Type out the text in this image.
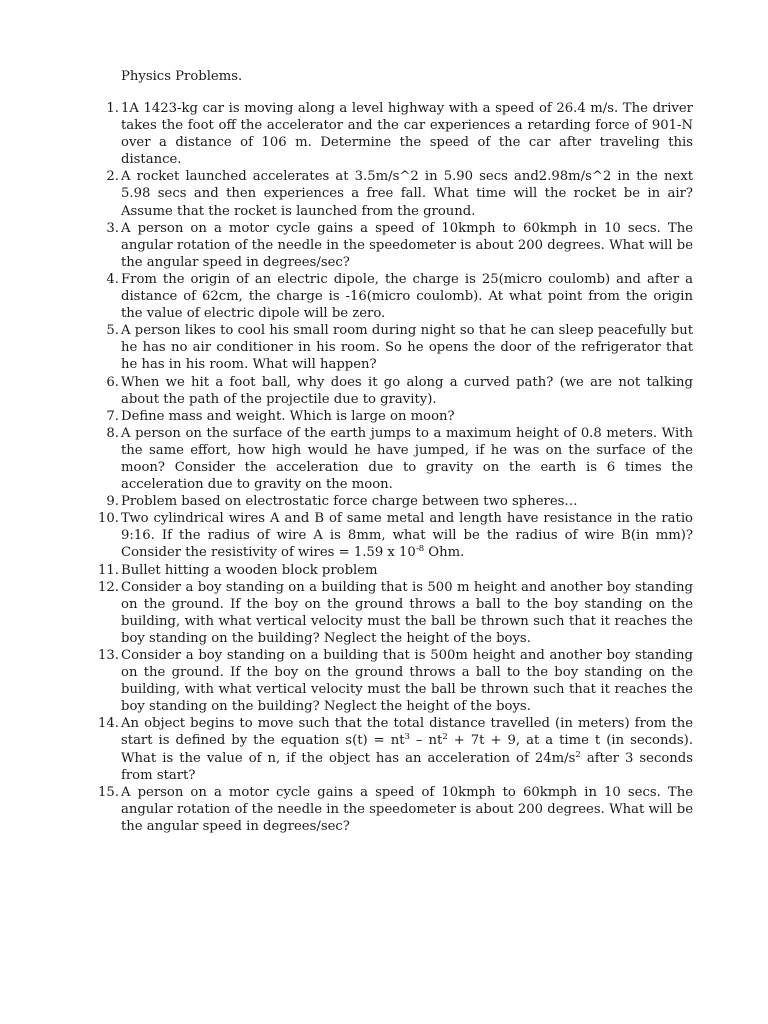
Physics Problems.
1. 1A 1423-kg car is moving along a level highway with a speed of 26.4 m/s. The driver takes the foot off the accelerator and the car experiences a retarding force of 901-N over a distance of 106 m. Determine the speed of the car after traveling this distance.
2. A rocket launched accelerates at 3.5m/s^2 in 5.90 secs and2.98m/s^2 in the next 5.98 secs and then experiences a free fall. What time will the rocket be in air? Assume that the rocket is launched from the ground.
3. A person on a motor cycle gains a speed of 10kmph to 60kmph in 10 secs. The angular rotation of the needle in the speedometer is about 200 degrees. What will be the angular speed in degrees/sec?
4. From the origin of an electric dipole, the charge is 25(micro coulomb) and after a distance of 62cm, the charge is -16(micro coulomb). At what point from the origin the value of electric dipole will be zero.
5. A person likes to cool his small room during night so that he can sleep peacefully but he has no air conditioner in his room. So he opens the door of the refrigerator that he has in his room. What will happen?
6. When we hit a foot ball, why does it go along a curved path? (we are not talking about the path of the projectile due to gravity).
7. Define mass and weight. Which is large on moon?
8. A person on the surface of the earth jumps to a maximum height of 0.8 meters. With the same effort, how high would he have jumped, if he was on the surface of the moon? Consider the acceleration due to gravity on the earth is 6 times the acceleration due to gravity on the moon.
9. Problem based on electrostatic force charge between two spheres…
10. Two cylindrical wires A and B of same metal and length have resistance in the ratio 9:16. If the radius of wire A is 8mm, what will be the radius of wire B(in mm)? Consider the resistivity of wires = 1.59 x $10^{-8}$ Ohm.
11. Bullet hitting a wooden block problem
12. Consider a boy standing on a building that is 500 m height and another boy standing on the ground. If the boy on the ground throws a ball to the boy standing on the building, with what vertical velocity must the ball be thrown such that it reaches the boy standing on the building? Neglect the height of the boys.
13. Consider a boy standing on a building that is 500m height and another boy standing on the ground. If the boy on the ground throws a ball to the boy standing on the building, with what vertical velocity must the ball be thrown such that it reaches the boy standing on the building? Neglect the height of the boys.
14. An object begins to move such that the total distance travelled (in meters) from the start is defined by the equation $s(t) = nt^3 - nt^2 + 7t + 9$, at a time t (in seconds). What is the value of n, if the object has an acceleration of $24m/s^2$ after 3 seconds from start?
15. A person on a motor cycle gains a speed of 10kmph to 60kmph in 10 secs. The angular rotation of the needle in the speedometer is about 200 degrees. What will be the angular speed in degrees/sec?
